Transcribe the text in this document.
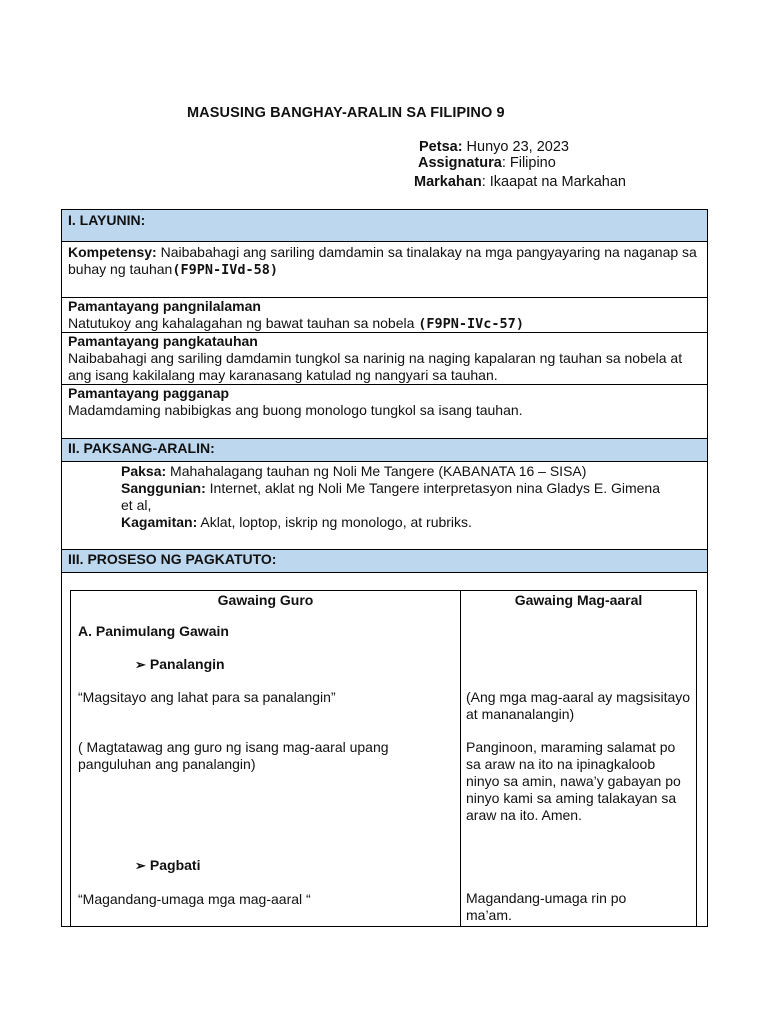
MASUSING BANGHAY-ARALIN SA FILIPINO 9
Petsa: Hunyo 23, 2023
Assignatura: Filipino
Markahan: Ikaapat na Markahan
I. LAYUNIN:
Kompetensy: Naibabahagi ang sariling damdamin sa tinalakay na mga pangyayaring na naganap sa buhay ng tauhan(F9PN-IVd-58)
Pamantayang pangnilalaman
Natutukoy ang kahalagahan ng bawat tauhan sa nobela (F9PN-IVc-57)
Pamantayang pangkatauhan
Naibabahagi ang sariling damdamin tungkol sa narinig na naging kapalaran ng tauhan sa nobela at ang isang kakilalang may karanasang katulad ng nangyari sa tauhan.
Pamantayang pagganap
Madamdaming nabibigkas ang buong monologo tungkol sa isang tauhan.
II. PAKSANG-ARALIN:
Paksa: Mahahalagang tauhan ng Noli Me Tangere (KABANATA 16 – SISA)
Sanggunian: Internet, aklat ng Noli Me Tangere interpretasyon nina Gladys E. Gimena et al,
Kagamitan: Aklat, loptop, iskrip ng monologo, at rubriks.
III. PROSESO NG PAGKATUTO:
Gawaing Guro
A. Panimulang Gawain
➢ Panalangin
“Magsitayo ang lahat para sa panalangin”
( Magtatawag ang guro ng isang mag-aaral upang panguluhan ang panalangin)
➢ Pagbati
“Magandang-umaga mga mag-aaral “
Gawaing Mag-aaral
(Ang mga mag-aaral ay magsisitayo at mananalangin)
Panginoon, maraming salamat po sa araw na ito na ipinagkaloob ninyo sa amin, nawa’y gabayan po ninyo kami sa aming talakayan sa araw na ito. Amen.
Magandang-umaga rin po ma’am.
